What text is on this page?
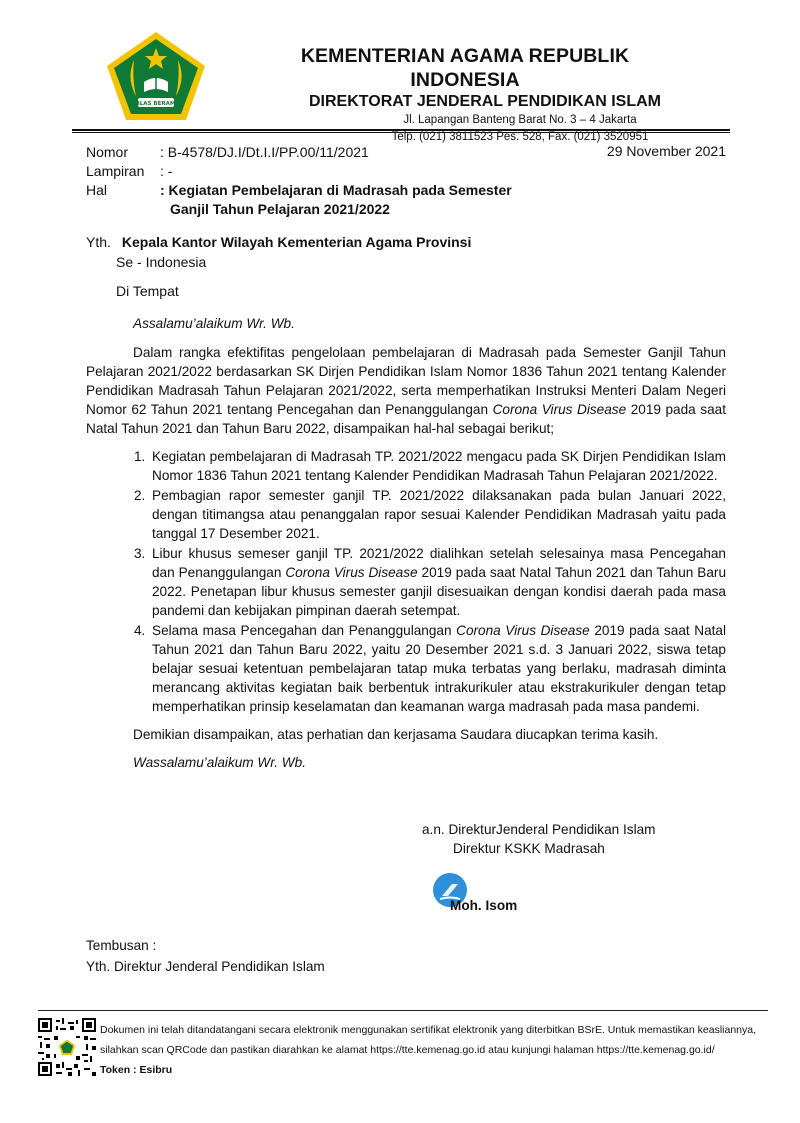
IKHLAS BERAMAL
KEMENTERIAN AGAMA REPUBLIK INDONESIA
DIREKTORAT JENDERAL PENDIDIKAN ISLAM
Jl. Lapangan Banteng Barat No. 3 – 4 Jakarta
Telp. (021) 3811523 Pes. 528, Fax. (021) 3520951
Nomor	: B-4578/DJ.I/Dt.I.I/PP.00/11/2021
Lampiran	: -
Hal	: Kegiatan Pembelajaran di Madrasah pada Semester
Ganjil Tahun Pelajaran 2021/2022
29 November 2021
Yth. Kepala Kantor Wilayah Kementerian Agama Provinsi
Se - Indonesia
Di Tempat
Assalamu’alaikum Wr. Wb.
Dalam rangka efektifitas pengelolaan pembelajaran di Madrasah pada Semester Ganjil Tahun Pelajaran 2021/2022 berdasarkan SK Dirjen Pendidikan Islam Nomor 1836 Tahun 2021 tentang Kalender Pendidikan Madrasah Tahun Pelajaran 2021/2022, serta memperhatikan Instruksi Menteri Dalam Negeri Nomor 62 Tahun 2021 tentang Pencegahan dan Penanggulangan Corona Virus Disease 2019 pada saat Natal Tahun 2021 dan Tahun Baru 2022, disampaikan hal-hal sebagai berikut;
1. Kegiatan pembelajaran di Madrasah TP. 2021/2022 mengacu pada SK Dirjen Pendidikan Islam Nomor 1836 Tahun 2021 tentang Kalender Pendidikan Madrasah Tahun Pelajaran 2021/2022.
2. Pembagian rapor semester ganjil TP. 2021/2022 dilaksanakan pada bulan Januari 2022, dengan titimangsa atau penanggalan rapor sesuai Kalender Pendidikan Madrasah yaitu pada tanggal 17 Desember 2021.
3. Libur khusus semeser ganjil TP. 2021/2022 dialihkan setelah selesainya masa Pencegahan dan Penanggulangan Corona Virus Disease 2019 pada saat Natal Tahun 2021 dan Tahun Baru 2022. Penetapan libur khusus semester ganjil disesuaikan dengan kondisi daerah pada masa pandemi dan kebijakan pimpinan daerah setempat.
4. Selama masa Pencegahan dan Penanggulangan Corona Virus Disease 2019 pada saat Natal Tahun 2021 dan Tahun Baru 2022, yaitu 20 Desember 2021 s.d. 3 Januari 2022, siswa tetap belajar sesuai ketentuan pembelajaran tatap muka terbatas yang berlaku, madrasah diminta merancang aktivitas kegiatan baik berbentuk intrakurikuler atau ekstrakurikuler dengan tetap memperhatikan prinsip keselamatan dan keamanan warga madrasah pada masa pandemi.
Demikian disampaikan, atas perhatian dan kerjasama Saudara diucapkan terima kasih.
Wassalamu’alaikum Wr. Wb.
a.n. DirekturJenderal Pendidikan Islam
Direktur KSKK Madrasah
Moh. Isom
Tembusan :
Yth. Direktur Jenderal Pendidikan Islam
Dokumen ini telah ditandatangani secara elektronik menggunakan sertifikat elektronik yang diterbitkan BSrE. Untuk memastikan keasliannya,
silahkan scan QRCode dan pastikan diarahkan ke alamat https://tte.kemenag.go.id atau kunjungi halaman https://tte.kemenag.go.id/
Token : Esibru
